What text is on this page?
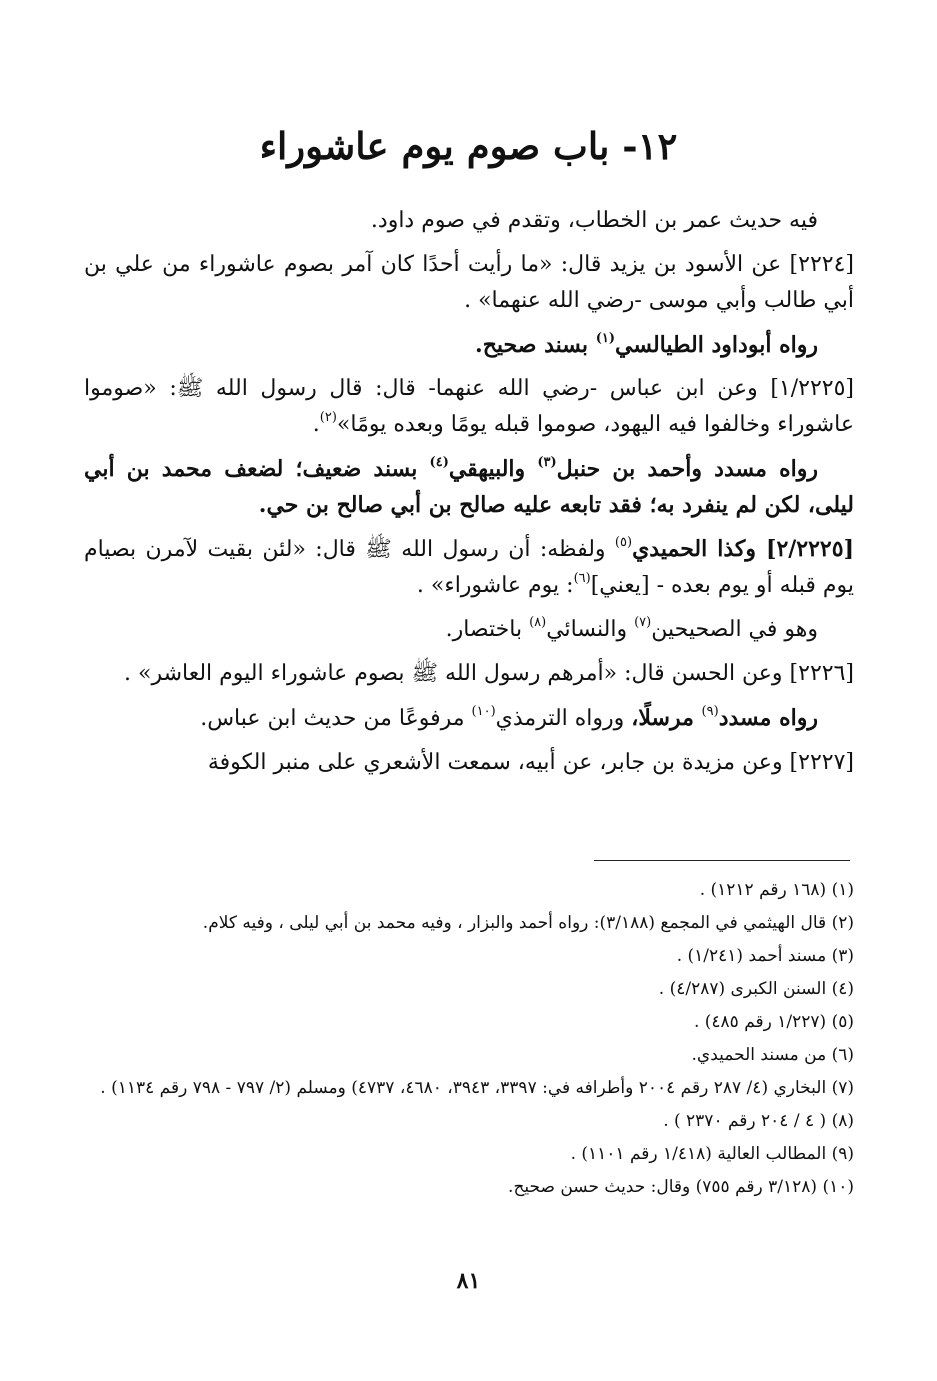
١٢- باب صوم يوم عاشوراء

فيه حديث عمر بن الخطاب، وتقدم في صوم داود.

[٢٢٢٤] عن الأسود بن يزيد قال: «ما رأيت أحدًا كان آمر بصوم عاشوراء من علي بن أبي طالب وأبي موسى -رضي الله عنهما» .

رواه أبوداود الطيالسي$^{(١)}$ بسند صحيح.

[١/٢٢٢٥] وعن ابن عباس -رضي الله عنهما- قال: قال رسول الله ﷺ: «صوموا عاشوراء وخالفوا فيه اليهود، صوموا قبله يومًا وبعده يومًا»$^{(٢)}$.

رواه مسدد وأحمد بن حنبل$^{(٣)}$ والبيهقي$^{(٤)}$ بسند ضعيف؛ لضعف محمد بن أبي ليلى، لكن لم ينفرد به؛ فقد تابعه عليه صالح بن أبي صالح بن حي.

[٢/٢٢٢٥] وكذا الحميدي$^{(٥)}$ ولفظه: أن رسول الله ﷺ قال: «لئن بقيت لآمرن بصيام يوم قبله أو يوم بعده - [يعني]$^{(٦)}$: يوم عاشوراء» .

وهو في الصحيحين$^{(٧)}$ والنسائي$^{(٨)}$ باختصار.

[٢٢٢٦] وعن الحسن قال: «أمرهم رسول الله ﷺ بصوم عاشوراء اليوم العاشر» .

رواه مسدد$^{(٩)}$ مرسلًا، ورواه الترمذي$^{(١٠)}$ مرفوعًا من حديث ابن عباس.

[٢٢٢٧] وعن مزيدة بن جابر، عن أبيه، سمعت الأشعري على منبر الكوفة

(١) (١٦٨ رقم ١٢١٢) .

(٢) قال الهيثمي في المجمع (٣/١٨٨): رواه أحمد والبزار ، وفيه محمد بن أبي ليلى ، وفيه كلام.

(٣) مسند أحمد (١/٢٤١) .

(٤) السنن الكبرى (٤/٢٨٧) .

(٥) (١/٢٢٧ رقم ٤٨٥) .

(٦) من مسند الحميدي.

(٧) البخاري (٤/ ٢٨٧ رقم ٢٠٠٤ وأطرافه في: ٣٣٩٧، ٣٩٤٣، ٤٦٨٠، ٤٧٣٧) ومسلم (٢/ ٧٩٧ - ٧٩٨ رقم ١١٣٤) .

(٨) ( ٤ / ٢٠٤ رقم ٢٣٧٠ ) .

(٩) المطالب العالية (١/٤١٨ رقم ١١٠١) .

(١٠) (٣/١٢٨ رقم ٧٥٥) وقال: حديث حسن صحيح.

٨١
